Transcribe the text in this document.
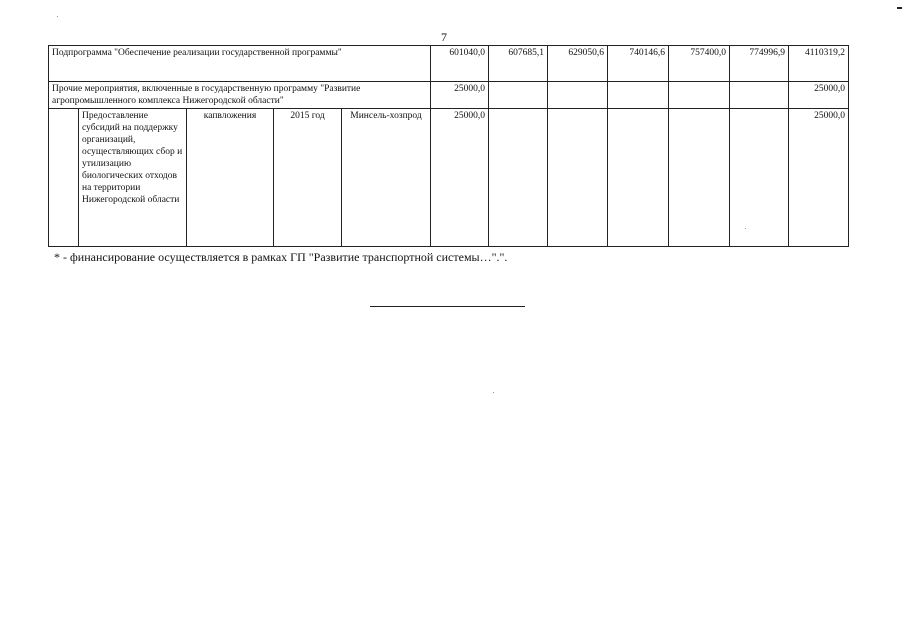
7
Подпрограмма "Обеспечение реализации государственной программы"					601040,0	607685,1	629050,6	740146,6	757400,0	774996,9	4110319,2
Прочие мероприятия, включенные в государственную программу "Развитие агропромышленного комплекса Нижегородской области"					25000,0						25000,0
	Предоставление субсидий на поддержку организаций, осуществляющих сбор и утилизацию биологических отходов на территории Нижегородской области	капвложения	2015 год	Минсель-хозпрод	25000,0						25000,0
* - финансирование осуществляется в рамках ГП "Развитие транспортной системы…".".
